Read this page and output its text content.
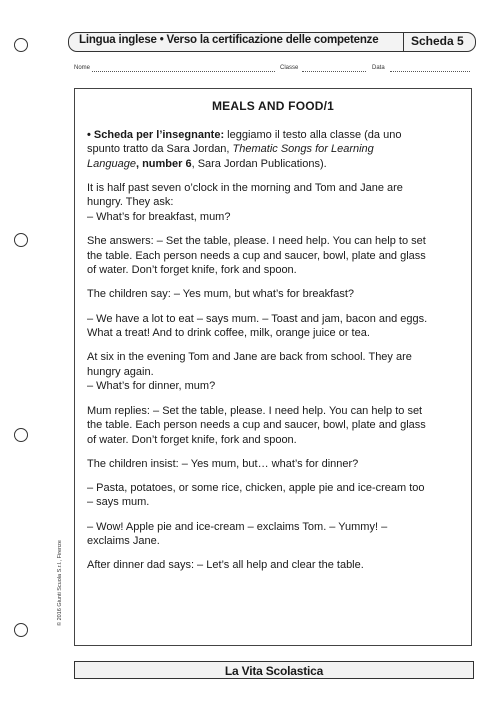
Lingua inglese • Verso la certificazione delle competenze	Scheda 5
Nome	Classe	Data
MEALS AND FOOD/1
• Scheda per l’insegnante: leggiamo il testo alla classe (da uno
spunto tratto da Sara Jordan, Thematic Songs for Learning
Language, number 6, Sara Jordan Publications).
It is half past seven o’clock in the morning and Tom and Jane are
hungry. They ask:
– What’s for breakfast, mum?
She answers: – Set the table, please. I need help. You can help to set
the table. Each person needs a cup and saucer, bowl, plate and glass
of water. Don’t forget knife, fork and spoon.
The children say: – Yes mum, but what’s for breakfast?
– We have a lot to eat – says mum. – Toast and jam, bacon and eggs.
What a treat! And to drink coffee, milk, orange juice or tea.
At six in the evening Tom and Jane are back from school. They are
hungry again.
– What’s for dinner, mum?
Mum replies: – Set the table, please. I need help. You can help to set
the table. Each person needs a cup and saucer, bowl, plate and glass
of water. Don’t forget knife, fork and spoon.
The children insist: – Yes mum, but… what’s for dinner?
– Pasta, potatoes, or some rice, chicken, apple pie and ice-cream too
– says mum.
– Wow! Apple pie and ice-cream – exclaims Tom. – Yummy! –
exclaims Jane.
After dinner dad says: – Let’s all help and clear the table.
© 2016 Giunti Scuola S.r.l., Firenze
La Vita Scolastica
